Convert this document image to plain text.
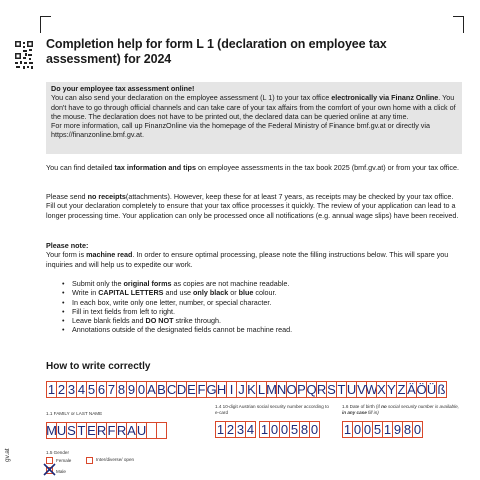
Completion help for form L 1 (declaration on employee tax assessment) for 2024
Do your employee tax assessment online!
You can also send your declaration on the employee assessment (L 1) to your tax office electronically via Finanz Online. You don't have to go through official channels and can take care of your tax affairs from the comfort of your own home with a click of the mouse. The declaration does not have to be printed out, the declared data can be queried online at any time.
For more information, call up FinanzOnline via the homepage of the Federal Ministry of Finance bmf.gv.at or directly via https://finanzonline.bmf.gv.at.
You can find detailed tax information and tips on employee assessments in the tax book 2025 (bmf.gv.at) or from your tax office.
Please send no receipts(attachments). However, keep these for at least 7 years, as receipts may be checked by your tax office. Fill out your declaration completely to ensure that your tax office processes it quickly. The review of your application can lead to a longer processing time. Your application can only be processed once all notifications (e.g. annual wage slips) have been received.
Please note:
Your form is machine read. In order to ensure optimal processing, please note the filling instructions below. This will spare you inquiries and will help us to expedite our work.
• Submit only the original forms as copies are not machine readable.
• Write in CAPITAL LETTERS and use only black or blue colour.
• In each box, write only one letter, number, or special character.
• Fill in text fields from left to right.
• Leave blank fields and DO NOT strike through.
• Annotations outside of the designated fields cannot be machine read.
How to write correctly
1 2 3 4 5 6 7 8 9 0 A B C D E F G H I J K L M N O P Q R S T U V W X Y Z Ä Ö Ü ß
1.1 FAMILY or LAST NAME
M U S T E R F R A U
1.4 10-digit Austrian social security number according to e-card
1 2 3 4 1 0 0 5 8 0
1.6 Date of birth (if no social security number is available, in any case fill in)
1 0 0 5 1 9 8 0
1.5 Gender
Female
Male
Inter/diverse/ open
gv.at
